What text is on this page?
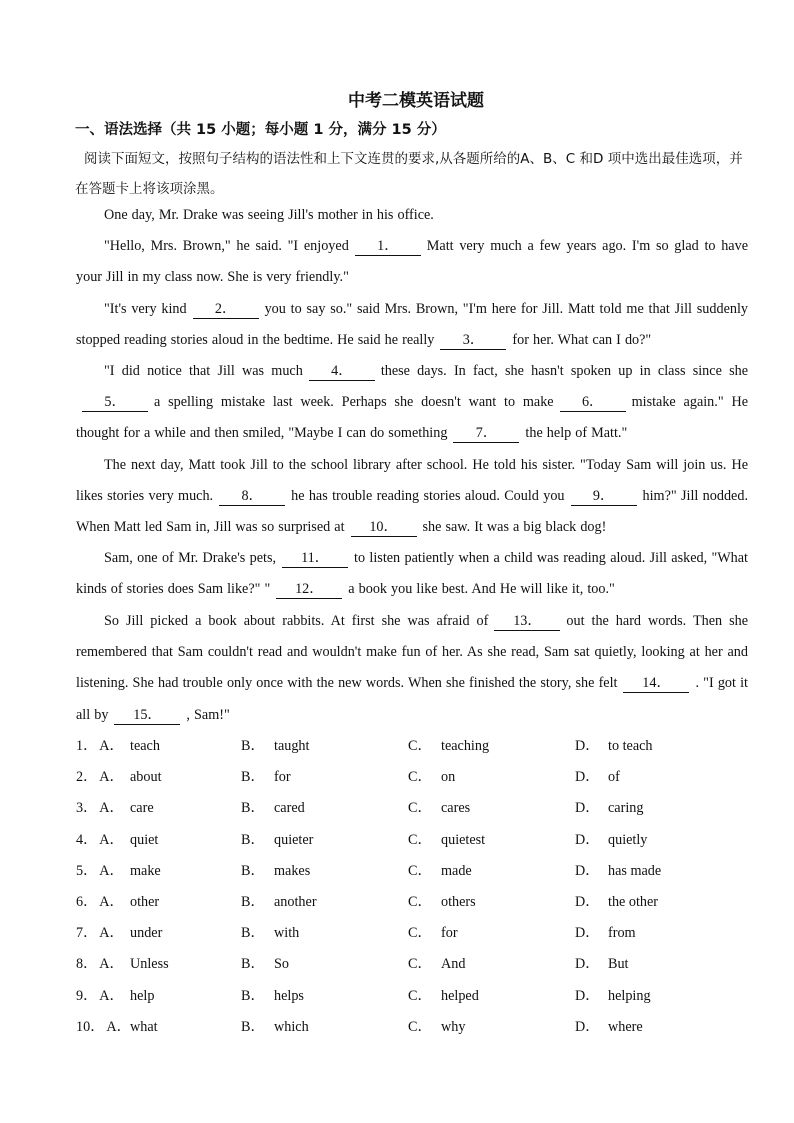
中考二模英语试题
一、语法选择（共 15 小题；每小题 1 分，满分 15 分）
阅读下面短文，按照句子结构的语法性和上下文连贯的要求,从各题所给的A、B、C 和D 项中选出最佳选项，并在答题卡上将该项涂黑。
One day, Mr. Drake was seeing Jill's mother in his office.
"Hello, Mrs. Brown," he said. "I enjoyed 1． Matt very much a few years ago. I'm so glad to have your Jill in my class now. She is very friendly."
"It's very kind 2． you to say so." said Mrs. Brown, "I'm here for Jill. Matt told me that Jill suddenly stopped reading stories aloud in the bedtime. He said he really 3． for her. What can I do?"
"I did notice that Jill was much 4． these days. In fact, she hasn't spoken up in class since she5． a spelling mistake last week. Perhaps she doesn't want to make 6． mistake again." He thought for a while and then smiled, "Maybe I can do something 7． the help of Matt."
The next day, Matt took Jill to the school library after school. He told his sister. "Today Sam will join us. He likes stories very much. 8． he has trouble reading stories aloud. Could you 9． him?" Jill nodded. When Matt led Sam in, Jill was so surprised at 10． she saw. It was a big black dog!
Sam, one of Mr. Drake's pets, 11． to listen patiently when a child was reading aloud. Jill asked, "What kinds of stories does Sam like?" " 12． a book you like best. And He will like it, too."
So Jill picked a book about rabbits. At first she was afraid of 13． out the hard words. Then she remembered that Sam couldn't read and wouldn't make fun of her. As she read, Sam sat quietly, looking at her and listening. She had trouble only once with the new words. When she finished the story, she felt 14． . "I got it all by 15． , Sam!"
1． A． teach	B． taught	C． teaching	D． to teach
2． A． about	B． for	C． on	D． of
3． A． care	B． cared	C． cares	D． caring
4． A． quiet	B． quieter	C． quietest	D． quietly
5． A． make	B． makes	C． made	D． has made
6． A． other	B． another	C． others	D． the other
7． A． under	B． with	C． for	D． from
8． A． Unless	B． So	C． And	D． But
9． A． help	B． helps	C． helped	D． helping
10． A． what	B． which	C． why	D． where
